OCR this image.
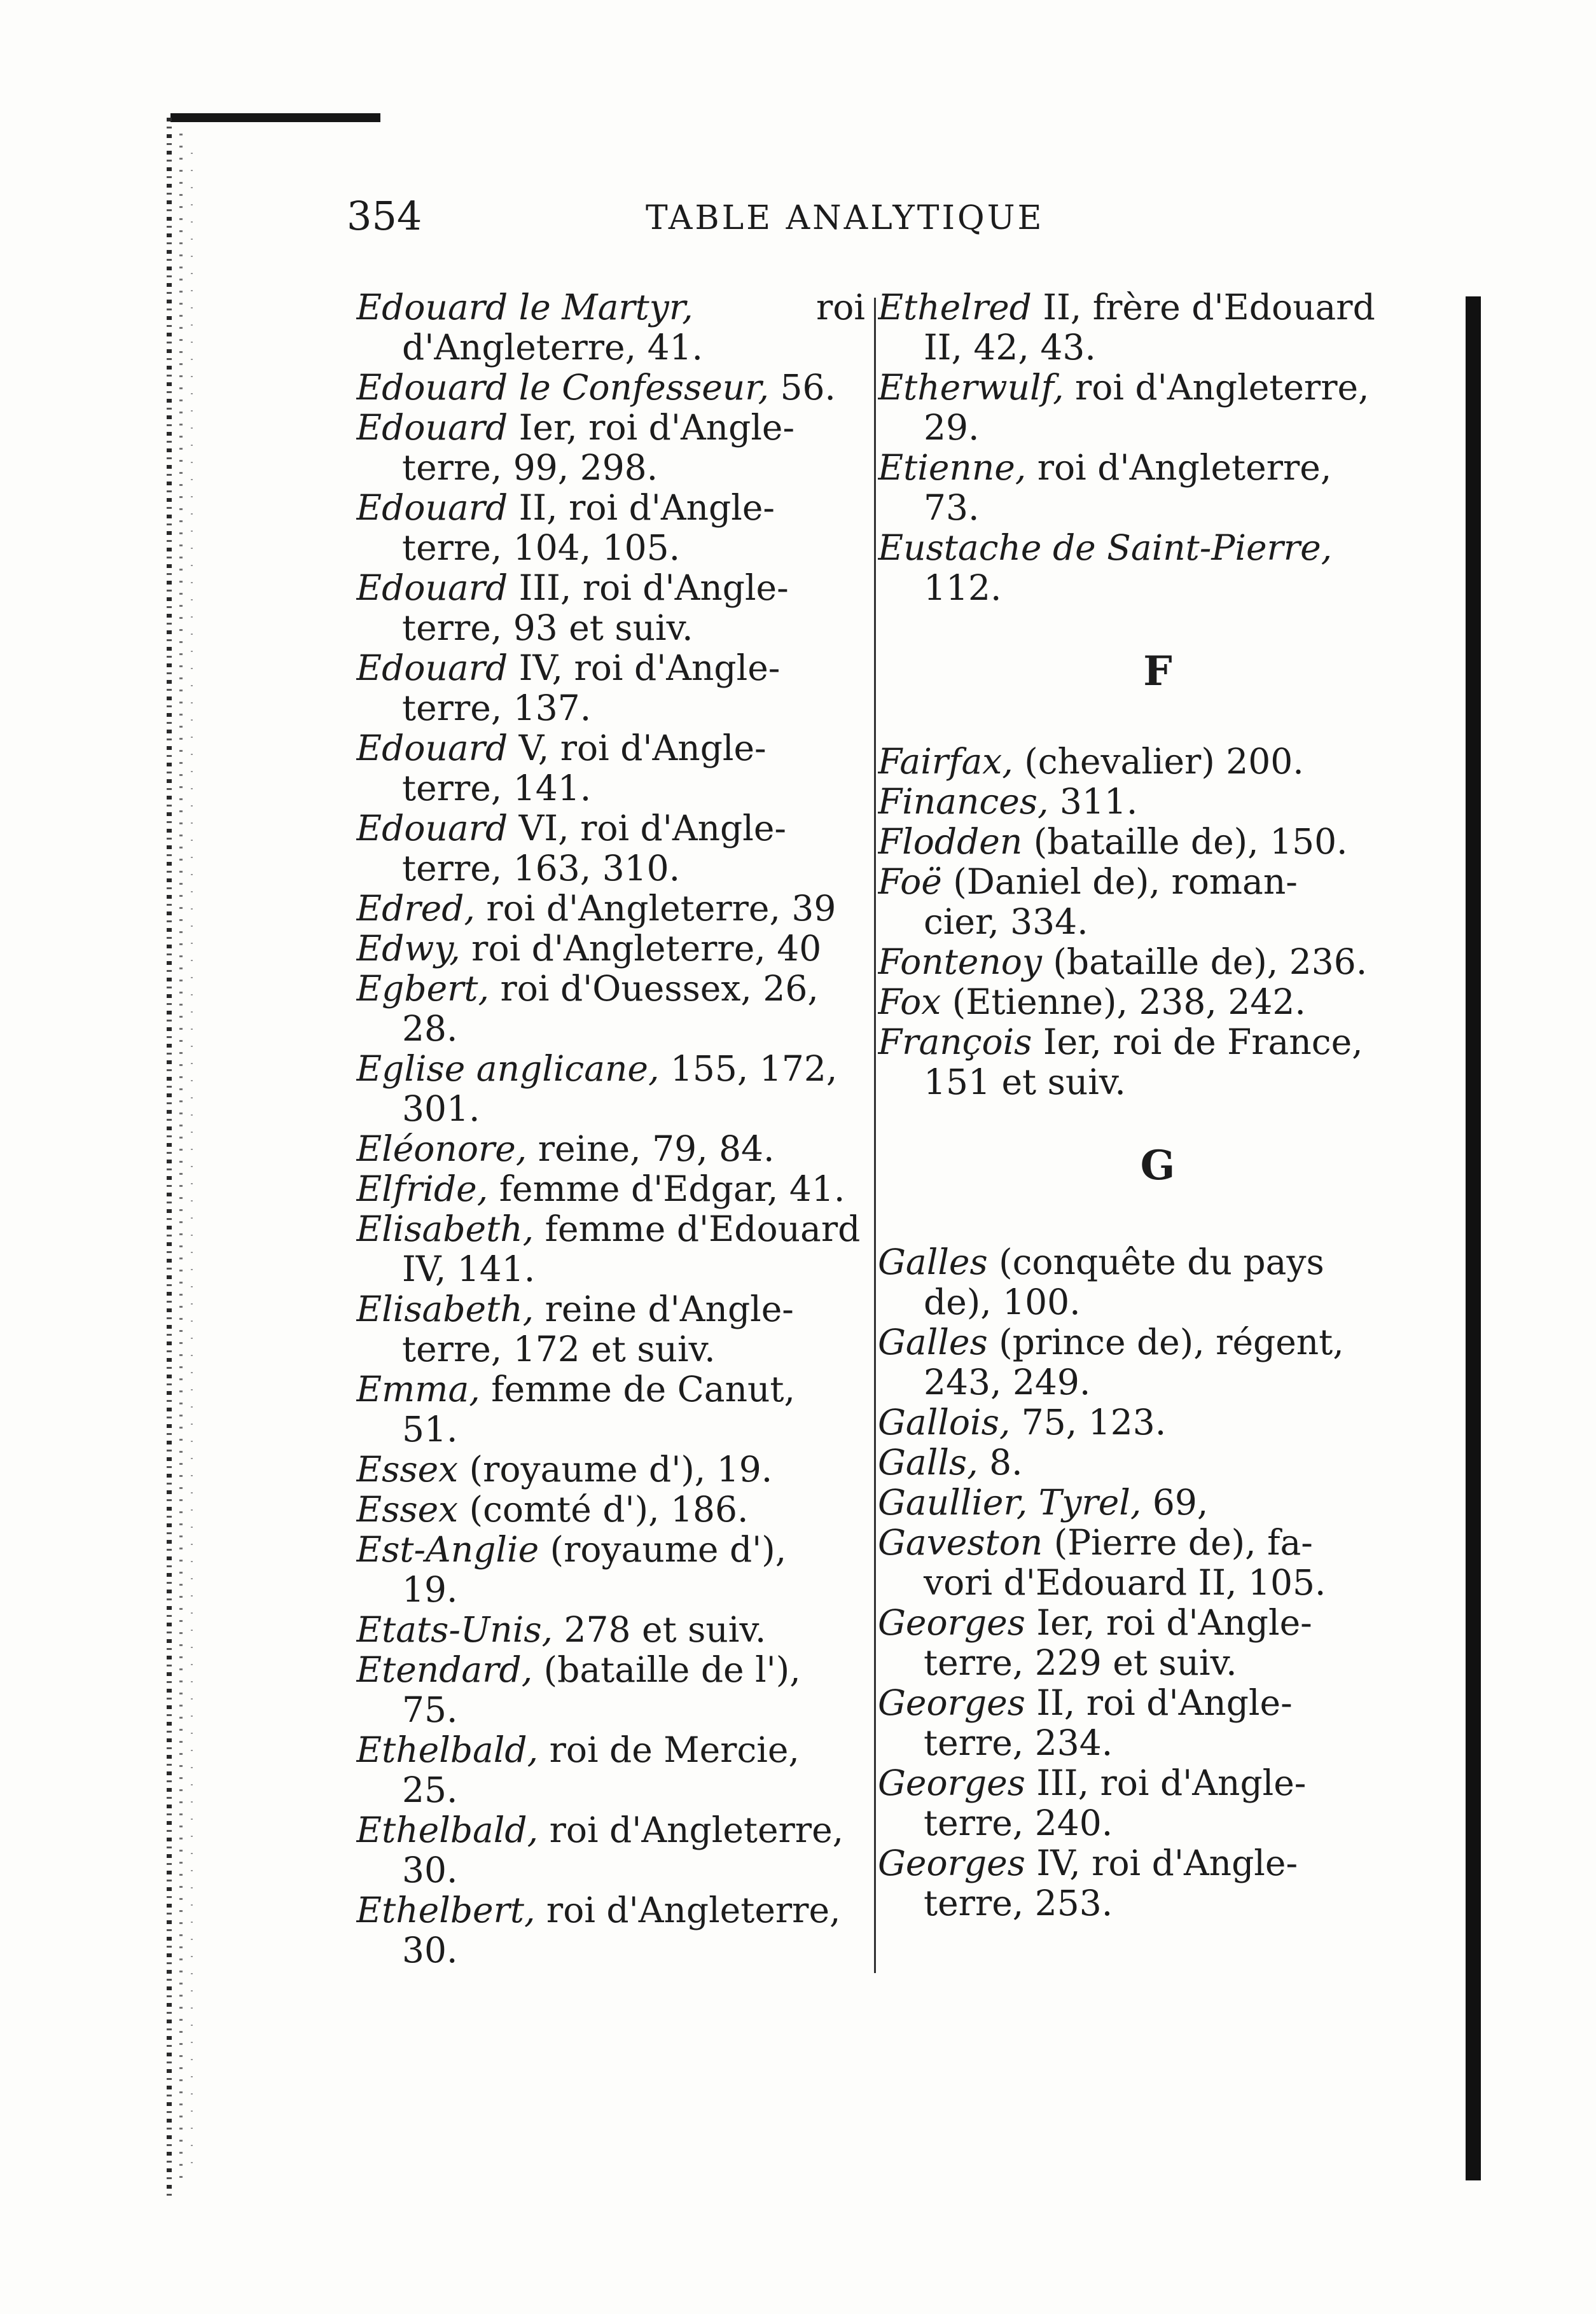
354	TABLE ANALYTIQUE

Edouard le Martyr,	roi
d'Angleterre, 41.

Edouard le Confesseur, 56.

Edouard Ier, roi d'Angle-
terre, 99, 298.

Edouard II, roi d'Angle-
terre, 104, 105.

Edouard III, roi d'Angle-
terre, 93 et suiv.

Edouard IV, roi d'Angle-
terre, 137.

Edouard V, roi d'Angle-
terre, 141.

Edouard VI, roi d'Angle-
terre, 163, 310.

Edred, roi d'Angleterre, 39

Edwy, roi d'Angleterre, 40

Egbert, roi d'Ouessex, 26,
28.

Eglise anglicane, 155, 172,
301.

Eléonore, reine, 79, 84.

Elfride, femme d'Edgar, 41.

Elisabeth, femme d'Edouard
IV, 141.

Elisabeth, reine d'Angle-
terre, 172 et suiv.

Emma, femme de Canut,
51.

Essex (royaume d'), 19.

Essex (comté d'), 186.

Est-Anglie (royaume d'),
19.

Etats-Unis, 278 et suiv.

Etendard, (bataille de l'),
75.

Ethelbald, roi de Mercie,
25.

Ethelbald, roi d'Angleterre,
30.

Ethelbert, roi d'Angleterre,
30.

Ethelred II, frère d'Edouard
II, 42, 43.

Etherwulf, roi d'Angleterre,
29.

Etienne, roi d'Angleterre,
73.

Eustache de Saint-Pierre,
112.

F

Fairfax, (chevalier) 200.

Finances, 311.

Flodden (bataille de), 150.

Foë (Daniel de), roman-
cier, 334.

Fontenoy (bataille de), 236.

Fox (Etienne), 238, 242.

François Ier, roi de France,
151 et suiv.

G

Galles (conquête du pays
de), 100.

Galles (prince de), régent,
243, 249.

Gallois, 75, 123.

Galls, 8.

Gaullier, Tyrel, 69,

Gaveston (Pierre de), fa-
vori d'Edouard II, 105.

Georges Ier, roi d'Angle-
terre, 229 et suiv.

Georges II, roi d'Angle-
terre, 234.

Georges III, roi d'Angle-
terre, 240.

Georges IV, roi d'Angle-
terre, 253.
